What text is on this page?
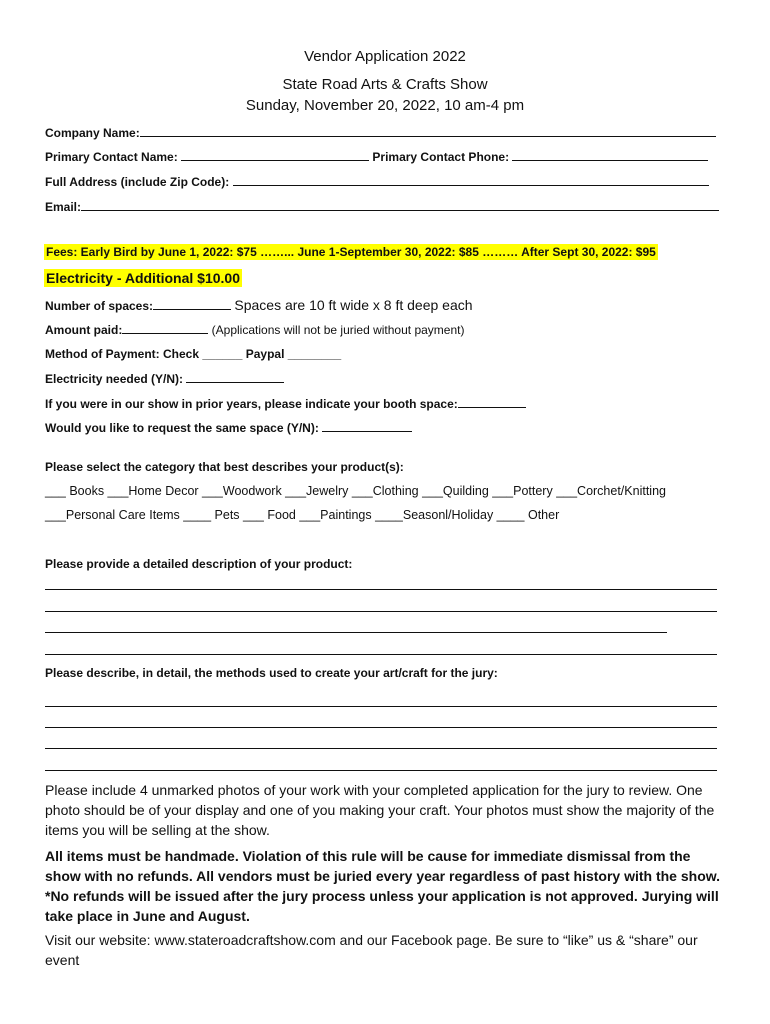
Vendor Application 2022
State Road Arts & Crafts Show
Sunday, November 20, 2022, 10 am-4 pm
Company Name:
Primary Contact Name:	Primary Contact Phone:
Full Address (include Zip Code):
Email:
Fees: Early Bird by June 1, 2022: $75 ……... June 1-September 30, 2022: $85 ……… After Sept 30, 2022: $95
Electricity - Additional $10.00
Number of spaces:	Spaces are 10 ft wide x 8 ft deep each
Amount paid:	(Applications will not be juried without payment)
Method of Payment: Check ______ Paypal ________
Electricity needed (Y/N):
If you were in our show in prior years, please indicate your booth space:
Would you like to request the same space (Y/N):
Please select the category that best describes your product(s):
___ Books ___Home Decor ___Woodwork ___Jewelry ___Clothing ___Quilding ___Pottery ___Corchet/Knitting
___Personal Care Items ____ Pets ___ Food ___Paintings ____Seasonl/Holiday ____ Other
Please provide a detailed description of your product:
Please describe, in detail, the methods used to create your art/craft for the jury:
Please include 4 unmarked photos of your work with your completed application for the jury to review. One photo should be of your display and one of you making your craft. Your photos must show the majority of the items you will be selling at the show.
All items must be handmade. Violation of this rule will be cause for immediate dismissal from the show with no refunds. All vendors must be juried every year regardless of past history with the show. *No refunds will be issued after the jury process unless your application is not approved. Jurying will take place in June and August.
Visit our website: www.stateroadcraftshow.com and our Facebook page. Be sure to “like” us & “share” our event
